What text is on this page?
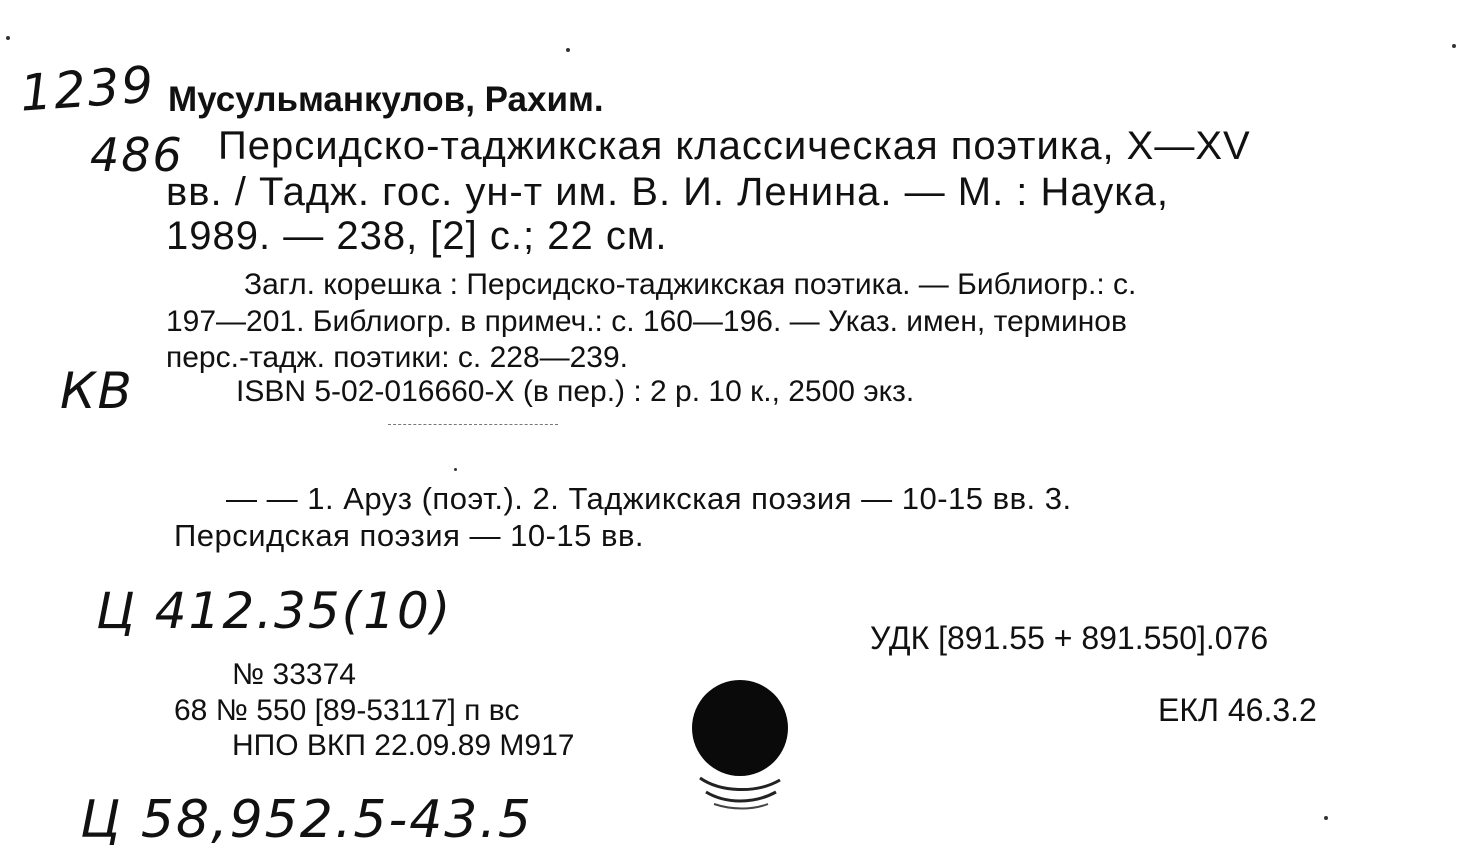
1239
486
КВ
Ц 412.35(10)
Ц 58,952.5-43.5
Мусульманкулов, Рахим.
Персидско-таджикская классическая поэтика, X—XV
вв. / Тадж. гос. ун-т им. В. И. Ленина. — М. : Наука,
1989. — 238, [2] с.; 22 см.
Загл. корешка : Персидско-таджикская поэтика. — Библиогр.: с.
197—201. Библиогр. в примеч.: с. 160—196. — Указ. имен, терминов
перс.-тадж. поэтики: с. 228—239.
ISBN 5-02-016660-X (в пер.) : 2 р. 10 к., 2500 экз.
— — 1. Аруз (поэт.). 2. Таджикская поэзия — 10-15 вв. 3.
Персидская поэзия — 10-15 вв.
УДК [891.55 + 891.550].076
ЕКЛ 46.3.2
№ 33374
68 № 550 [89-53117] п вс
НПО ВКП 22.09.89 М917
